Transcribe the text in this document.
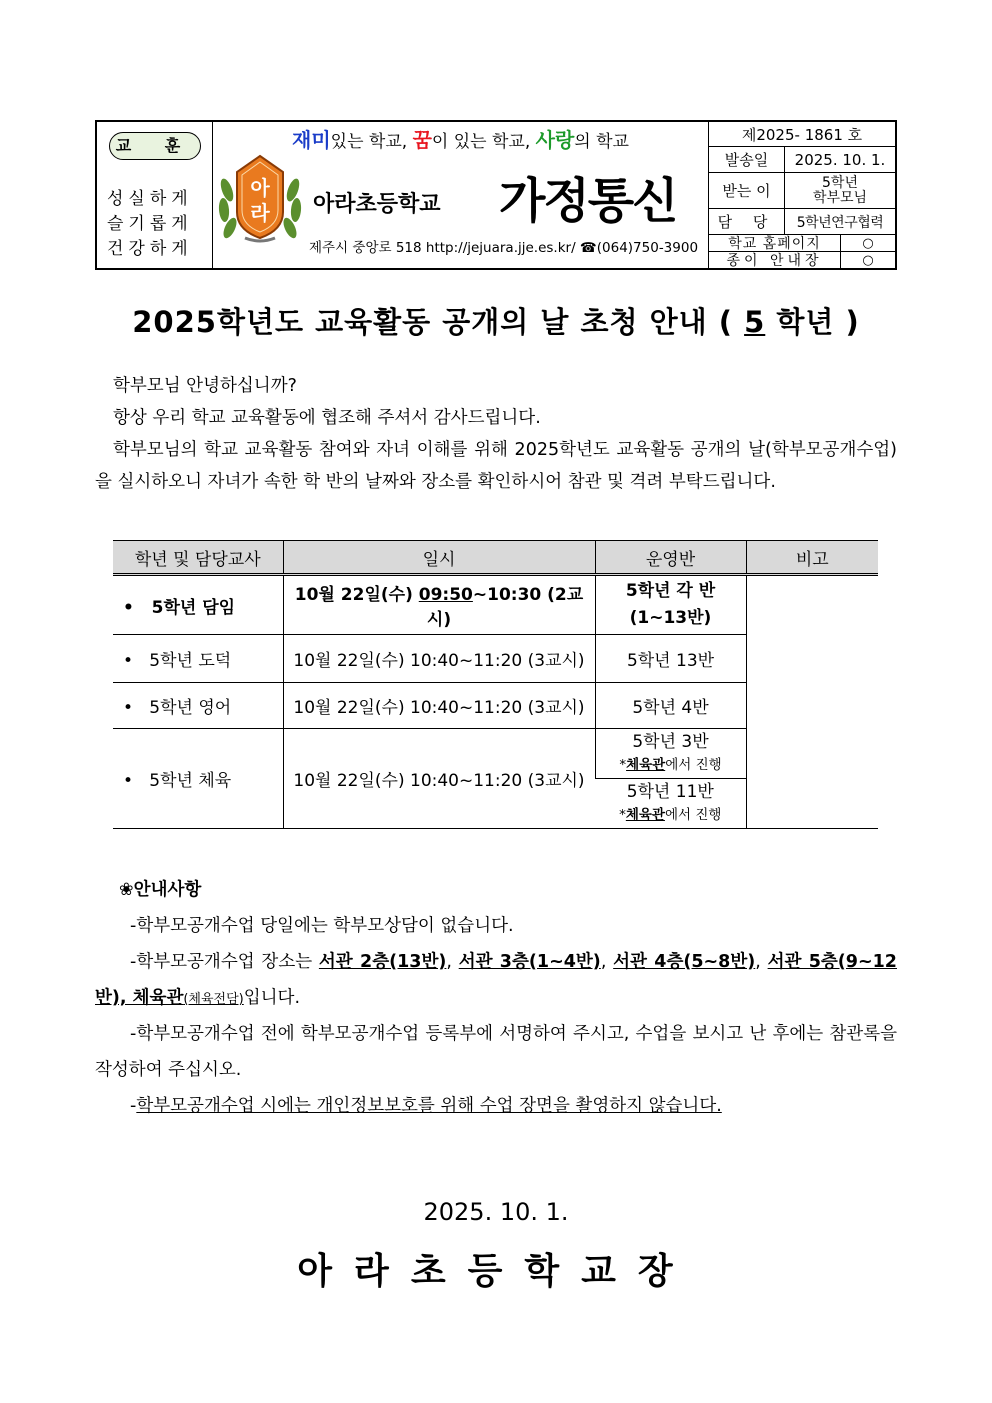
교 훈
성실하게
슬기롭게
건강하게
재미있는 학교, 꿈이 있는 학교, 사랑의 학교
아
라 아라초등학교 가정통신
제주시 중앙로 518 http://jejuara.jje.es.kr/ ☎(064)750-3900
제2025- 1861 호
발송일	2025. 10. 1.
받는 이	5학년
학부모님
담 당	5학년연구협력
학교 홈페이지	○
종이 안내장	○
2025학년도 교육활동 공개의 날 초청 안내 ( 5 학년 )
학부모님 안녕하십니까?
항상 우리 학교 교육활동에 협조해 주셔서 감사드립니다.
학부모님의 학교 교육활동 참여와 자녀 이해를 위해 2025학년도 교육활동 공개의 날(학부모공개수업)을 실시하오니 자녀가 속한 학 반의 날짜와 장소를 확인하시어 참관 및 격려 부탁드립니다.
학년 및 담당교사	일시	운영반	비고
• 5학년 담임	10월 22일(수) 09:50~10:30 (2교시)	5학년 각 반
(1~13반)	
• 5학년 도덕	10월 22일(수) 10:40~11:20 (3교시)	5학년 13반	
• 5학년 영어	10월 22일(수) 10:40~11:20 (3교시)	5학년 4반	
• 5학년 체육	10월 22일(수) 10:40~11:20 (3교시)	5학년 3반
*체육관에서 진행	
		5학년 11반
*체육관에서 진행	
❀안내사항
-학부모공개수업 당일에는 학부모상담이 없습니다.
-학부모공개수업 장소는 서관 2층(13반), 서관 3층(1~4반), 서관 4층(5~8반), 서관 5층(9~12 반), 체육관(체육전담)입니다.
-학부모공개수업 전에 학부모공개수업 등록부에 서명하여 주시고, 수업을 보시고 난 후에는 참관록을 작성하여 주십시오.
-학부모공개수업 시에는 개인정보보호를 위해 수업 장면을 촬영하지 않습니다.
2025. 10. 1.
아라초등학교장
